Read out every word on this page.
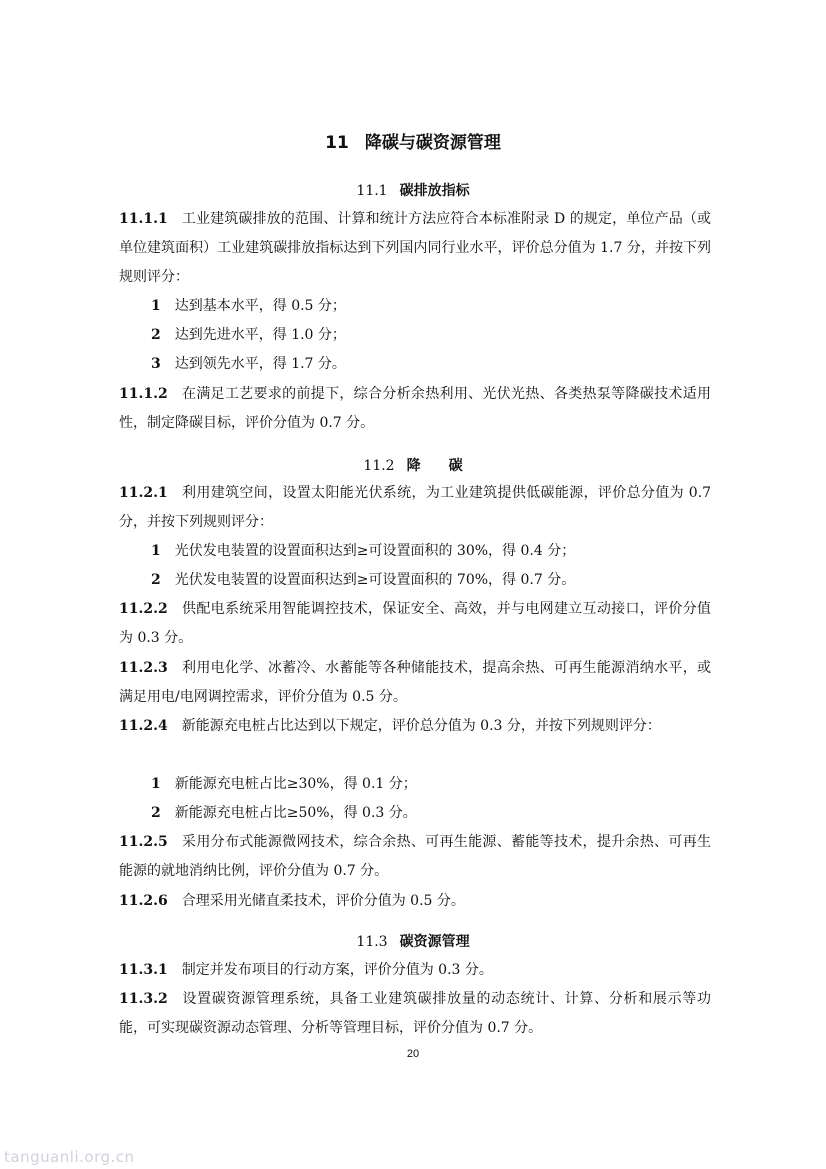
11 降碳与碳资源管理
11.1 碳排放指标
11.1.1 工业建筑碳排放的范围、计算和统计方法应符合本标准附录 D 的规定，单位产品（或单位建筑面积）工业建筑碳排放指标达到下列国内同行业水平，评价总分值为 1.7 分，并按下列规则评分：
1 达到基本水平，得 0.5 分；
2 达到先进水平，得 1.0 分；
3 达到领先水平，得 1.7 分。
11.1.2 在满足工艺要求的前提下，综合分析余热利用、光伏光热、各类热泵等降碳技术适用性，制定降碳目标，评价分值为 0.7 分。
11.2 降　　碳
11.2.1 利用建筑空间，设置太阳能光伏系统，为工业建筑提供低碳能源，评价总分值为 0.7 分，并按下列规则评分：
1 光伏发电装置的设置面积达到≥可设置面积的 30%，得 0.4 分；
2 光伏发电装置的设置面积达到≥可设置面积的 70%，得 0.7 分。
11.2.2 供配电系统采用智能调控技术，保证安全、高效，并与电网建立互动接口，评价分值为 0.3 分。
11.2.3 利用电化学、冰蓄冷、水蓄能等各种储能技术，提高余热、可再生能源消纳水平，或满足用电/电网调控需求，评价分值为 0.5 分。
11.2.4 新能源充电桩占比达到以下规定，评价总分值为 0.3 分，并按下列规则评分：
1 新能源充电桩占比≥30%，得 0.1 分；
2 新能源充电桩占比≥50%，得 0.3 分。
11.2.5 采用分布式能源微网技术，综合余热、可再生能源、蓄能等技术，提升余热、可再生能源的就地消纳比例，评价分值为 0.7 分。
11.2.6 合理采用光储直柔技术，评价分值为 0.5 分。
11.3 碳资源管理
11.3.1 制定并发布项目的行动方案，评价分值为 0.3 分。
11.3.2 设置碳资源管理系统，具备工业建筑碳排放量的动态统计、计算、分析和展示等功能，可实现碳资源动态管理、分析等管理目标，评价分值为 0.7 分。
20
tanguanli.org.cn
